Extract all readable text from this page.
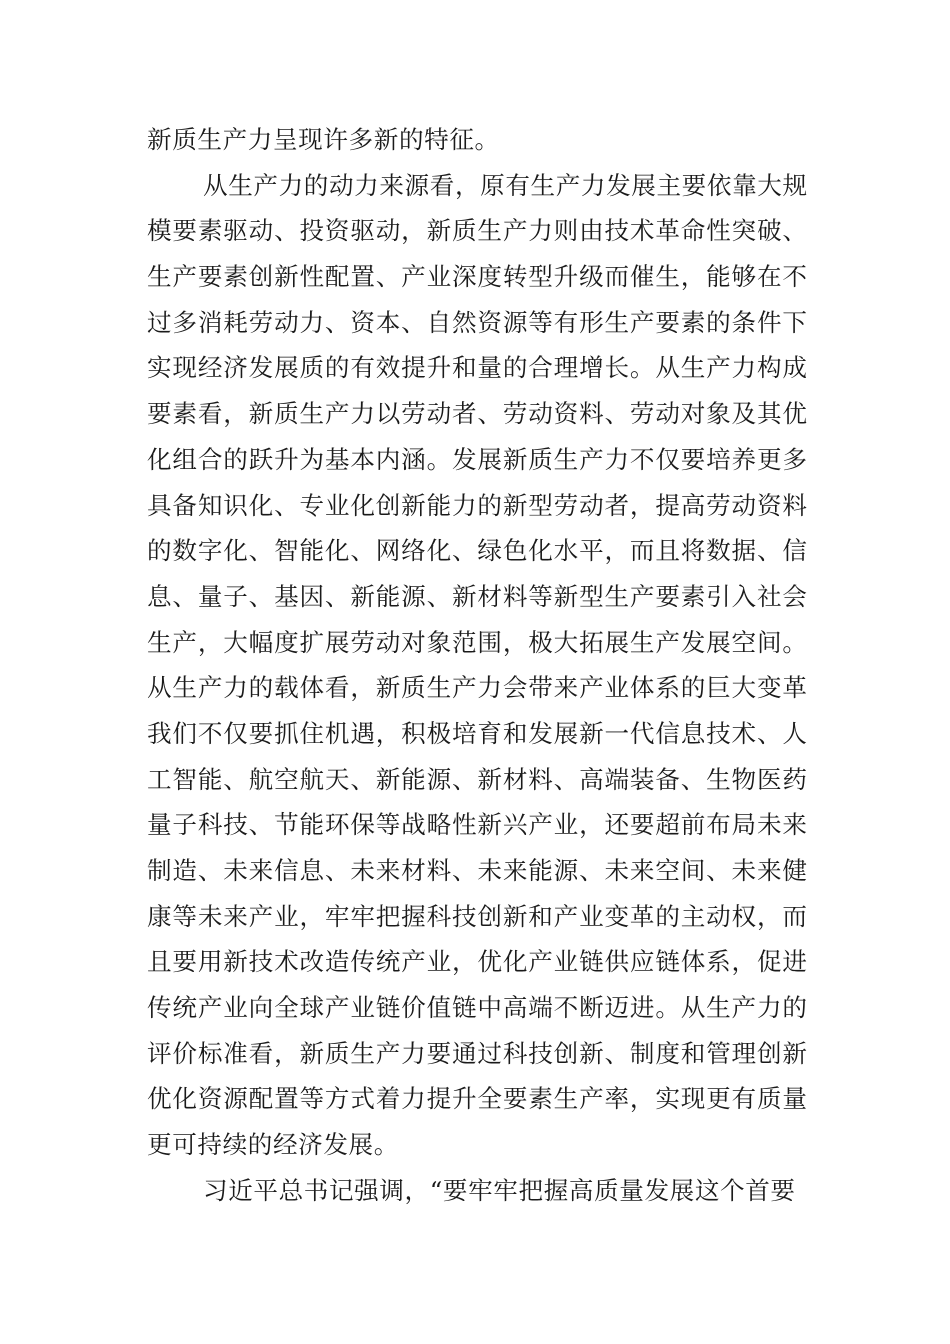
新质生产力呈现许多新的特征。
从生产力的动力来源看，原有生产力发展主要依靠大规
模要素驱动、投资驱动，新质生产力则由技术革命性突破、
生产要素创新性配置、产业深度转型升级而催生，能够在不
过多消耗劳动力、资本、自然资源等有形生产要素的条件下
实现经济发展质的有效提升和量的合理增长。从生产力构成
要素看，新质生产力以劳动者、劳动资料、劳动对象及其优
化组合的跃升为基本内涵。发展新质生产力不仅要培养更多
具备知识化、专业化创新能力的新型劳动者，提高劳动资料
的数字化、智能化、网络化、绿色化水平，而且将数据、信
息、量子、基因、新能源、新材料等新型生产要素引入社会
生产，大幅度扩展劳动对象范围，极大拓展生产发展空间。
从生产力的载体看，新质生产力会带来产业体系的巨大变革
我们不仅要抓住机遇，积极培育和发展新一代信息技术、人
工智能、航空航天、新能源、新材料、高端装备、生物医药
量子科技、节能环保等战略性新兴产业，还要超前布局未来
制造、未来信息、未来材料、未来能源、未来空间、未来健
康等未来产业，牢牢把握科技创新和产业变革的主动权，而
且要用新技术改造传统产业，优化产业链供应链体系，促进
传统产业向全球产业链价值链中高端不断迈进。从生产力的
评价标准看，新质生产力要通过科技创新、制度和管理创新
优化资源配置等方式着力提升全要素生产率，实现更有质量
更可持续的经济发展。
习近平总书记强调，“要牢牢把握高质量发展这个首要
